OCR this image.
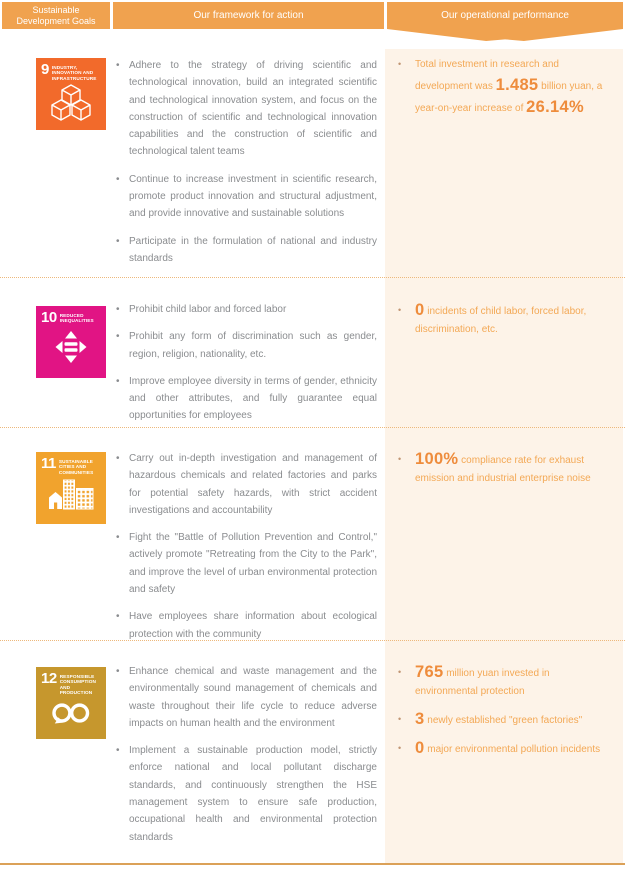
Sustainable Development Goals	Our framework for action	Our operational performance
9 INDUSTRY, INNOVATION AND INFRASTRUCTURE
• Adhere to the strategy of driving scientific and technological innovation, build an integrated scientific and technological innovation system, and focus on the construction of scientific and technological innovation capabilities and the construction of scientific and technological talent teams
• Continue to increase investment in scientific research, promote product innovation and structural adjustment, and provide innovative and sustainable solutions
• Participate in the formulation of national and industry standards
• Total investment in research and development was 1.485 billion yuan, a year-on-year increase of 26.14%
10 REDUCED INEQUALITIES
• Prohibit child labor and forced labor
• Prohibit any form of discrimination such as gender, region, religion, nationality, etc.
• Improve employee diversity in terms of gender, ethnicity and other attributes, and fully guarantee equal opportunities for employees
• 0 incidents of child labor, forced labor, discrimination, etc.
11 SUSTAINABLE CITIES AND COMMUNITIES
• Carry out in-depth investigation and management of hazardous chemicals and related factories and parks for potential safety hazards, with strict accident investigations and accountability
• Fight the "Battle of Pollution Prevention and Control," actively promote "Retreating from the City to the Park", and improve the level of urban environmental protection and safety
• Have employees share information about ecological protection with the community
• 100% compliance rate for exhaust emission and industrial enterprise noise
12 RESPONSIBLE CONSUMPTION AND PRODUCTION
• Enhance chemical and waste management and the environmentally sound management of chemicals and waste throughout their life cycle to reduce adverse impacts on human health and the environment
• Implement a sustainable production model, strictly enforce national and local pollutant discharge standards, and continuously strengthen the HSE management system to ensure safe production, occupational health and environmental protection standards
• 765 million yuan invested in environmental protection
• 3 newly established "green factories"
• 0 major environmental pollution incidents
